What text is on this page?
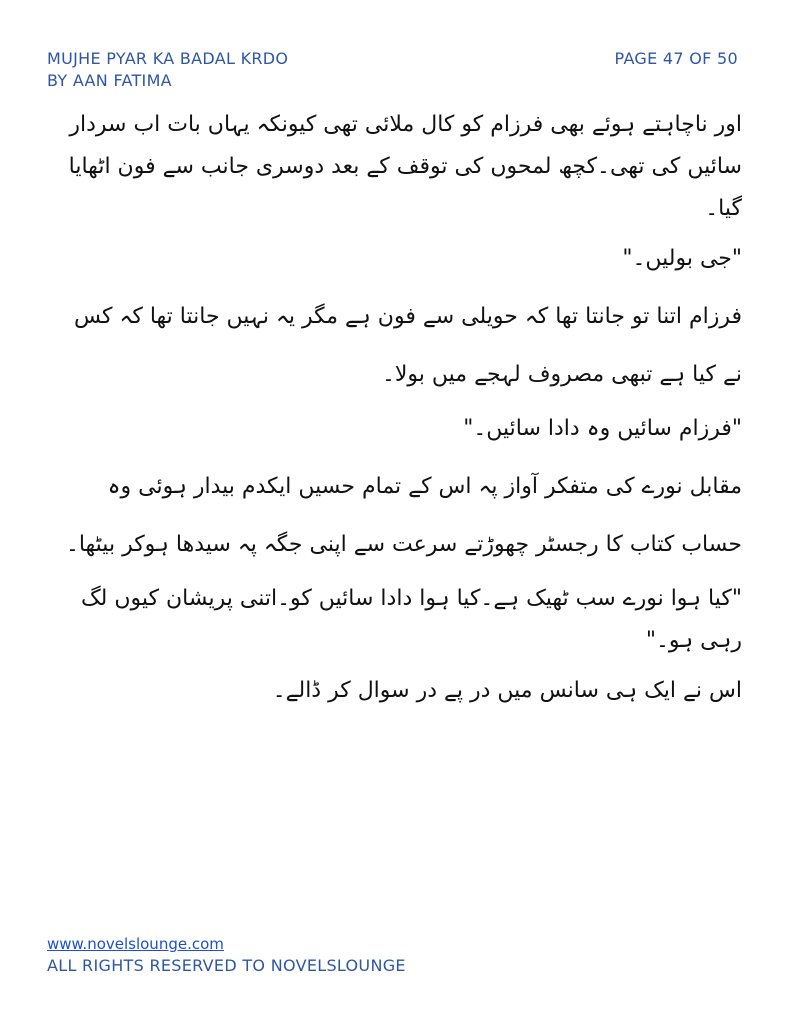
MUJHE PYAR KA BADAL KRDO
BY AAN FATIMA
PAGE 47 OF 50

اور ناچاہتے ہوئے بھی فرزام کو کال ملائی تھی کیونکہ یہاں بات اب سردار سائیں کی تھی۔کچھ لمحوں کی توقف کے بعد دوسری جانب سے فون اٹھایا گیا۔

"جی بولیں۔"

فرزام اتنا تو جانتا تھا کہ حویلی سے فون ہے مگر یہ نہیں جانتا تھا کہ کس نے کیا ہے تبھی مصروف لہجے میں بولا۔

"فرزام سائیں وہ دادا سائیں۔"

مقابل نورے کی متفکر آواز پہ اس کے تمام حسیں ایکدم بیدار ہوئی وہ حساب کتاب کا رجسٹر چھوڑتے سرعت سے اپنی جگہ پہ سیدھا ہوکر بیٹھا۔

"کیا ہوا نورے سب ٹھیک ہے۔کیا ہوا دادا سائیں کو۔اتنی پریشان کیوں لگ رہی ہو۔"

اس نے ایک ہی سانس میں در پے در سوال کر ڈالے۔

www.novelslounge.com
ALL RIGHTS RESERVED TO NOVELSLOUNGE
